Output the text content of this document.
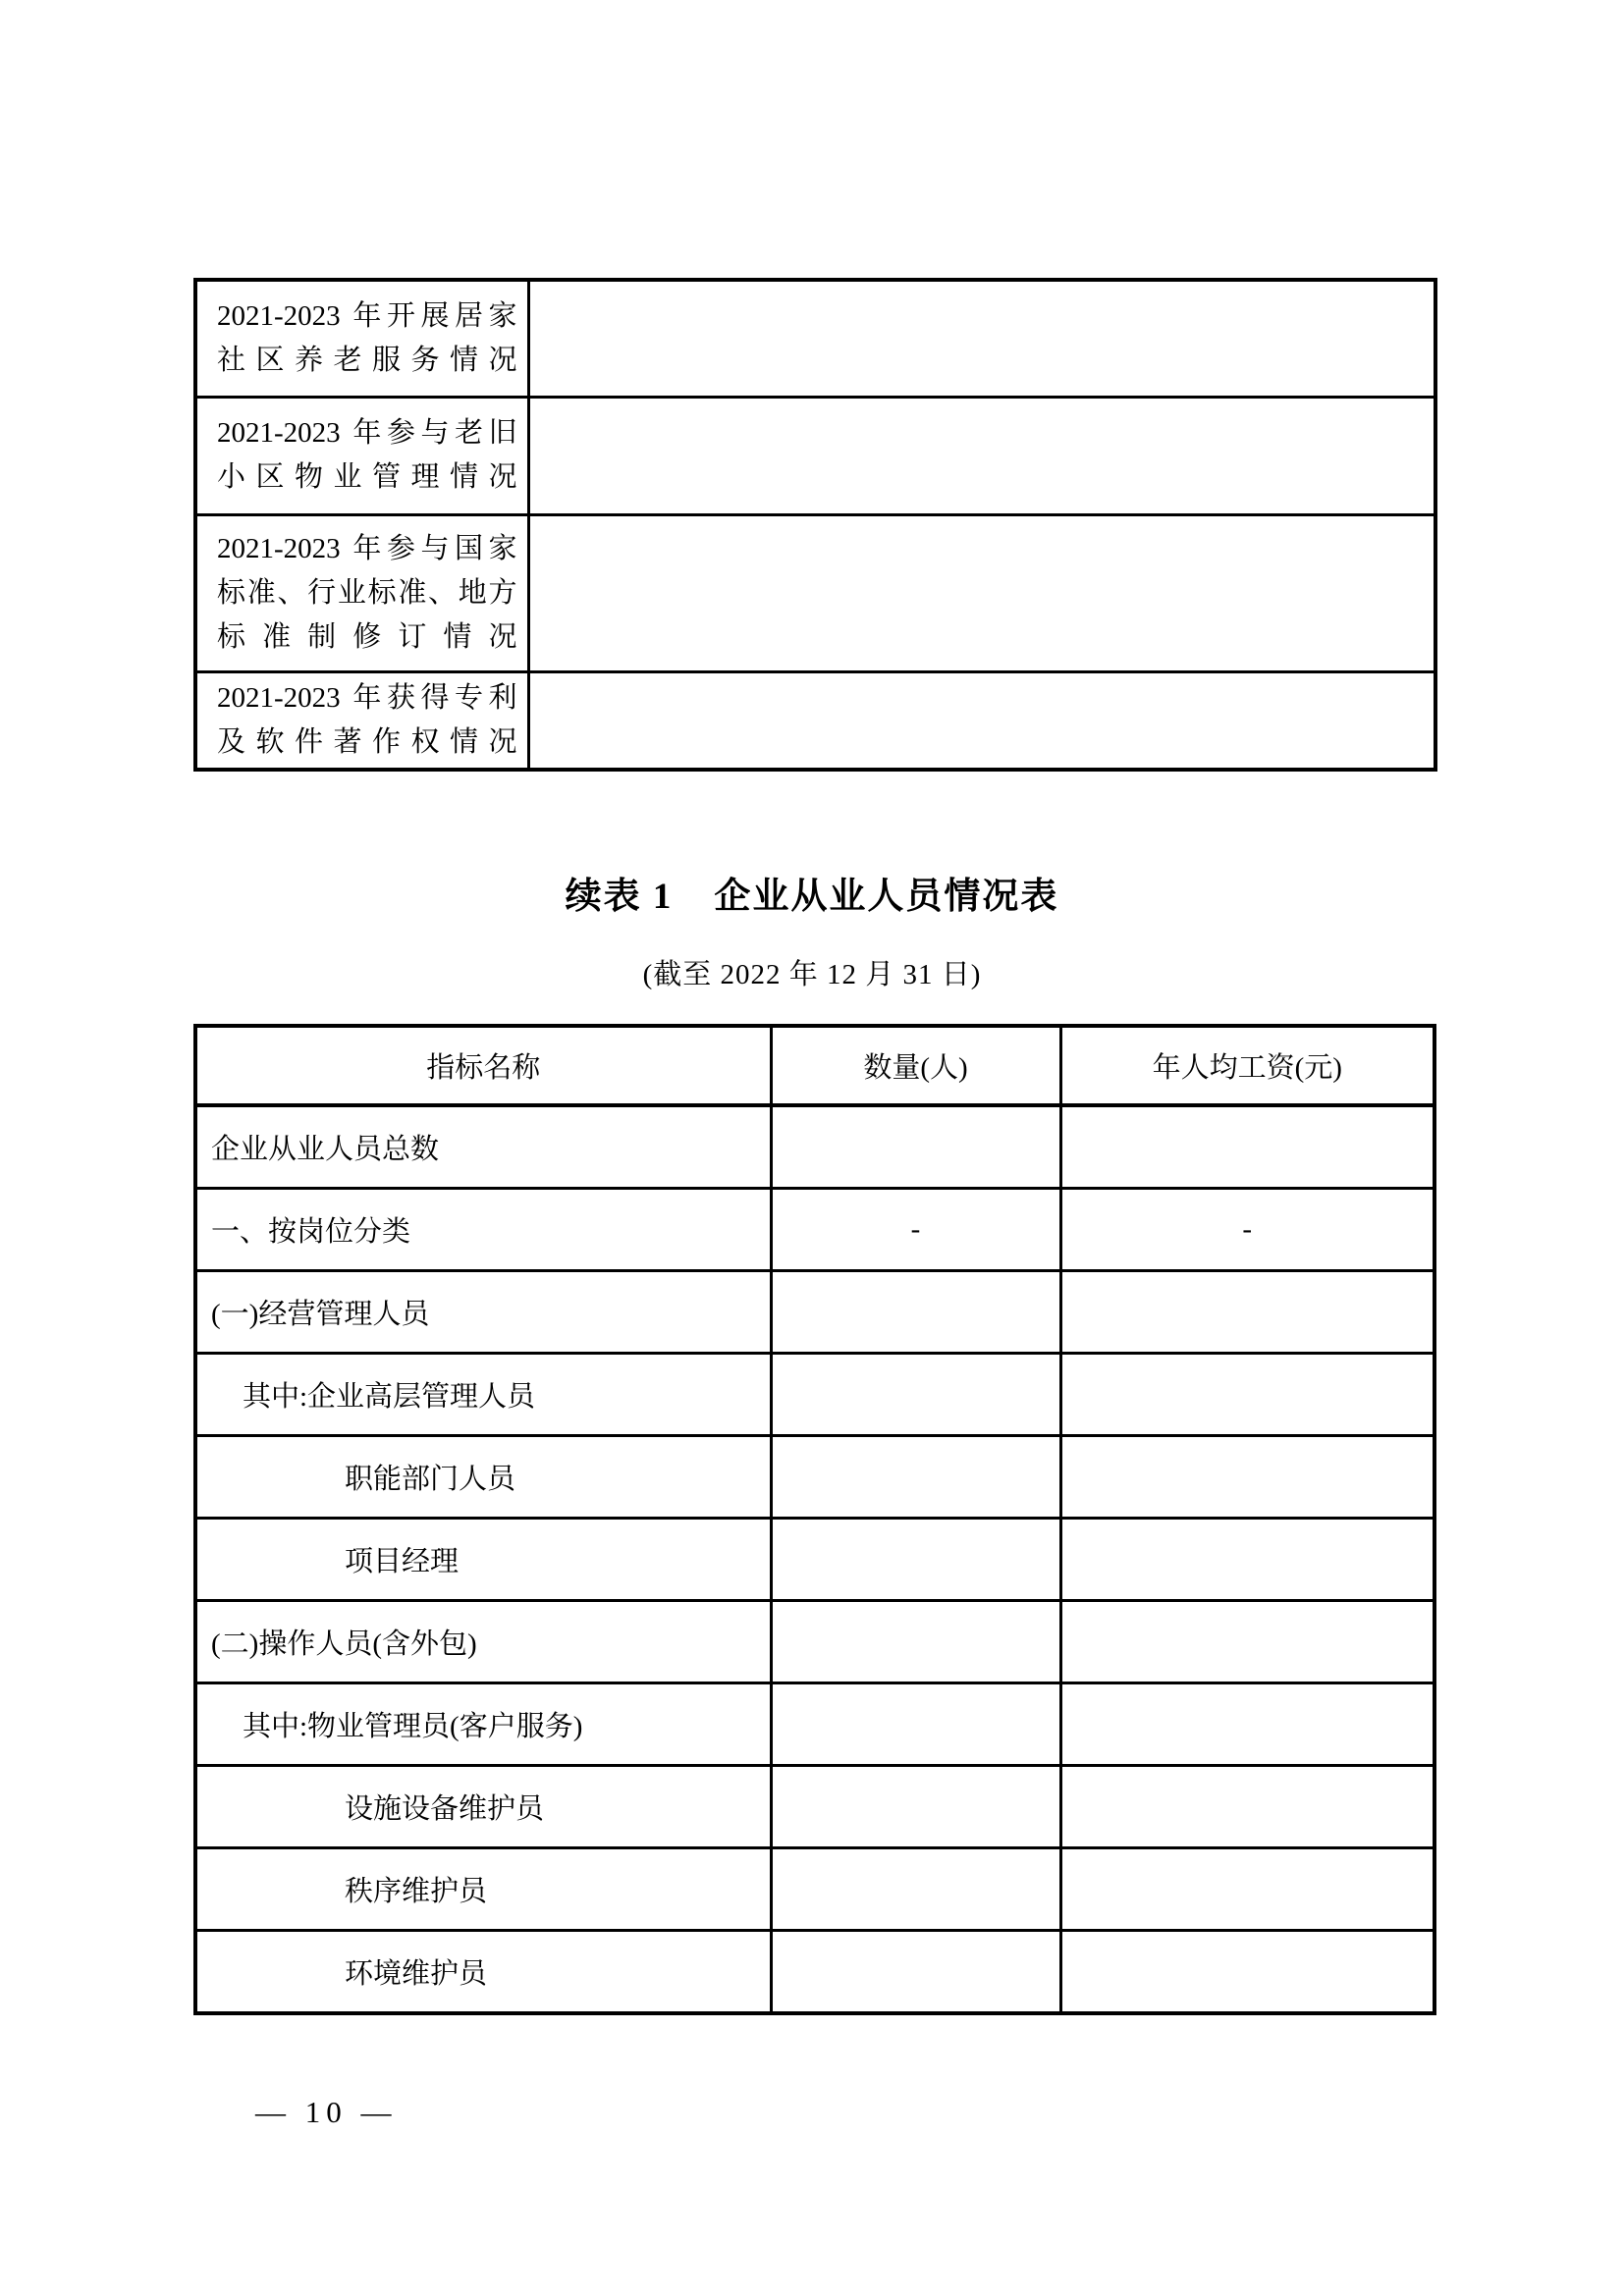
2021-2023 年开展居家社区养老服务情况	
2021-2023 年参与老旧小区物业管理情况	
2021-2023 年参与国家标准、行业标准、地方标准制修订情况	
2021-2023 年获得专利及软件著作权情况	
续表 1 企业从业人员情况表
(截至 2022 年 12 月 31 日)
指标名称	数量(人)	年人均工资(元)
企业从业人员总数		
一、按岗位分类	-	-
(一)经营管理人员		
其中:企业高层管理人员		
职能部门人员		
项目经理		
(二)操作人员(含外包)		
其中:物业管理员(客户服务)		
设施设备维护员		
秩序维护员		
环境维护员		
— 10 —
